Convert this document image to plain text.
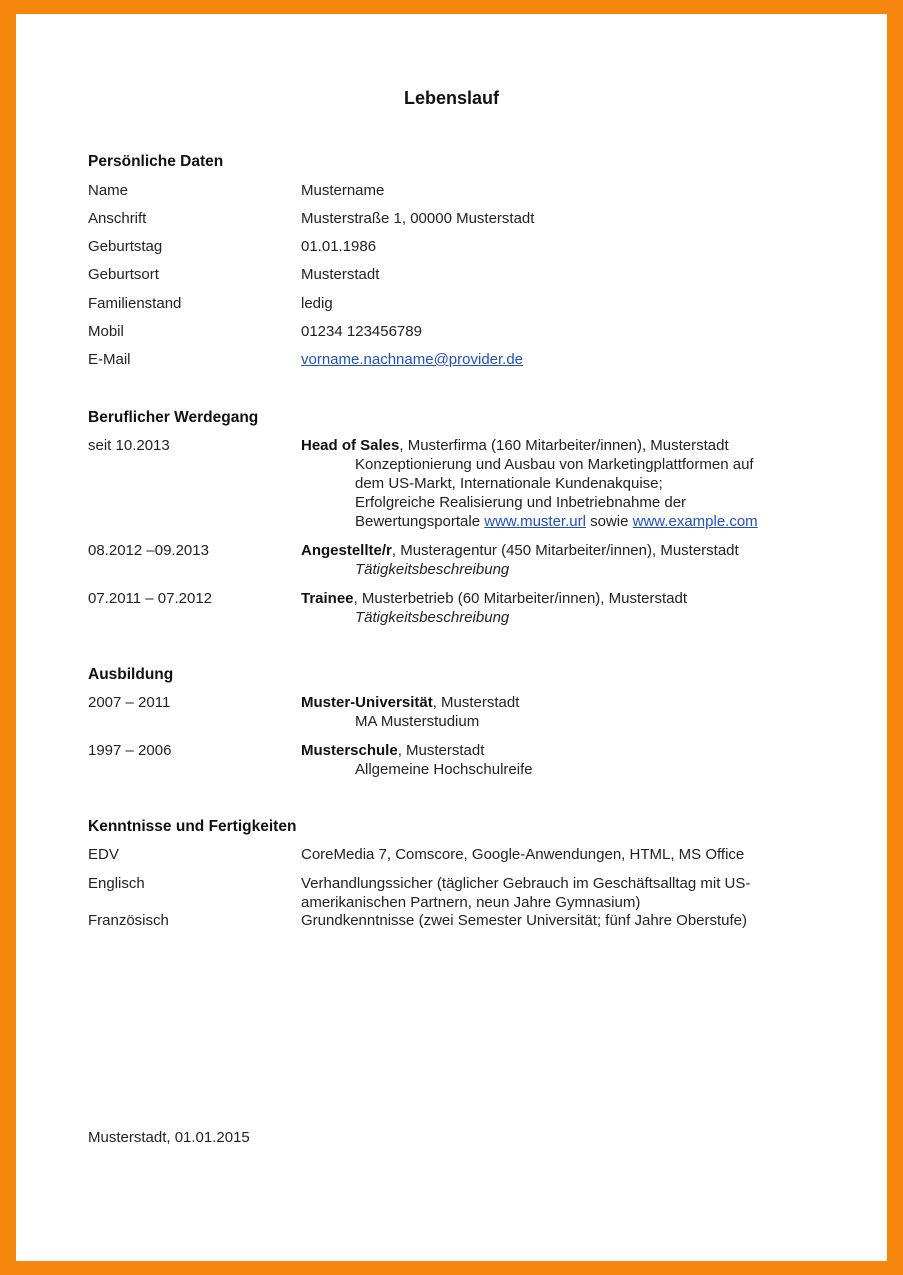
Lebenslauf
Persönliche Daten
Name	Mustername
Anschrift	Musterstraße 1, 00000 Musterstadt
Geburtstag	01.01.1986
Geburtsort	Musterstadt
Familienstand	ledig
Mobil	01234 123456789
E-Mail	vorname.nachname@provider.de
Beruflicher Werdegang
seit 10.2013	Head of Sales, Musterfirma (160 Mitarbeiter/innen), Musterstadt
Konzeptionierung und Ausbau von Marketingplattformen auf
dem US-Markt, Internationale Kundenakquise;
Erfolgreiche Realisierung und Inbetriebnahme der
Bewertungsportale www.muster.url sowie www.example.com
08.2012 –09.2013	Angestellte/r, Musteragentur (450 Mitarbeiter/innen), Musterstadt
Tätigkeitsbeschreibung
07.2011 – 07.2012	Trainee, Musterbetrieb (60 Mitarbeiter/innen), Musterstadt
Tätigkeitsbeschreibung
Ausbildung
2007 – 2011	Muster-Universität, Musterstadt
MA Musterstudium
1997 – 2006	Musterschule, Musterstadt
Allgemeine Hochschulreife
Kenntnisse und Fertigkeiten
EDV	CoreMedia 7, Comscore, Google-Anwendungen, HTML, MS Office
Englisch	Verhandlungssicher (täglicher Gebrauch im Geschäftsalltag mit US-
amerikanischen Partnern, neun Jahre Gymnasium)
Französisch	Grundkenntnisse (zwei Semester Universität; fünf Jahre Oberstufe)
Musterstadt, 01.01.2015
